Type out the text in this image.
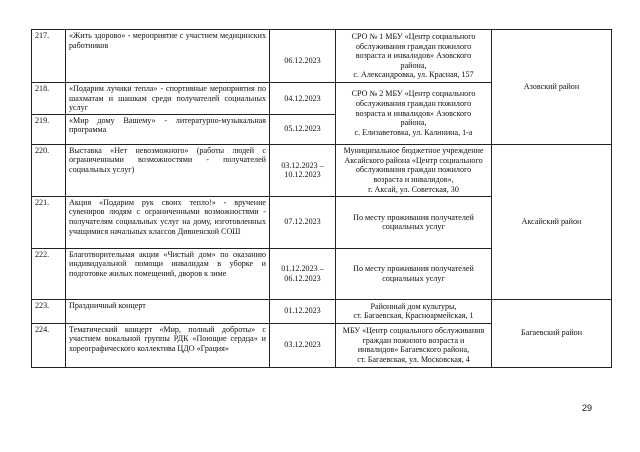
217.	«Жить здорово» - мероприятие с участием медицинских работников	06.12.2023	СРО № 1 МБУ «Центр социального
обслуживания граждан пожилого
возраста и инвалидов» Азовского
района,
с. Александровка, ул. Красная, 157	Азовский район
218.	«Подарим лучики тепла» - спортивные мероприятия по шахматам и шашкам среди получателей социальных услуг	04.12.2023	СРО № 2 МБУ «Центр социального
обслуживания граждан пожилого
возраста и инвалидов» Азовского
района,
с. Елизаветовка, ул. Калинина, 1-а	

219.	«Мир дому Вашему» - литературно-музыкальная программа	05.12.2023		

220.	Выставка «Нет невозможного» (работы людей с ограниченными возможностями - получателей социальных услуг)	03.12.2023 –
10.12.2023	Муниципальное бюджетное учреждение
Аксайского района «Центр социального
обслуживания граждан пожилого
возраста и инвалидов»,
г. Аксай, ул. Советская, 30	Аксайский район
221.	Акция «Подарим рук своих тепло!» - вручение сувениров людям с ограниченными возможностями - получателям социальных услуг на дому, изготовленных учащимися начальных классов Дивненской СОШ	07.12.2023	По месту проживания получателей
социальных услуг	

222.	Благотворительная акция «Чистый дом» по оказанию индивидуальной помощи инвалидам в уборке и подготовке жилых помещений, дворов к зиме	01.12.2023 –
06.12.2023	По месту проживания получателей
социальных услуг	

223.	Праздничный концерт	01.12.2023	Районный дом культуры,
ст. Багаевская, Красноармейская, 1	Багаевский район
224.	Тематический концерт «Мир, полный доброты» с участием вокальной группы РДК «Поющие сердца» и хореографического коллектива ЦДО «Грация»	03.12.2023	МБУ «Центр социального обслуживания
граждан пожилого возраста и
инвалидов» Багаевского района,
ст. Багаевская, ул. Московская, 4	
29
